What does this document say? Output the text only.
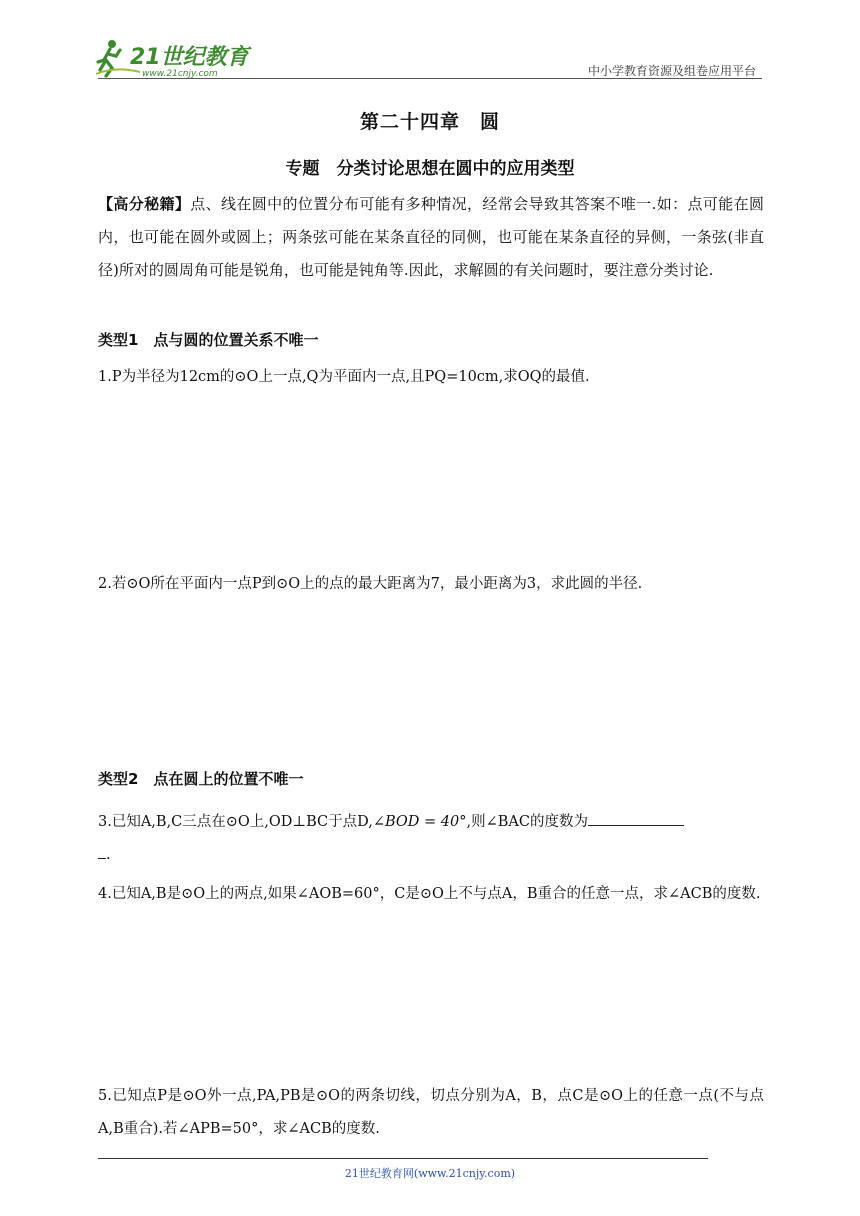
21世纪教育
www.21cnjy.com	中小学教育资源及组卷应用平台
第二十四章　圆
专题　分类讨论思想在圆中的应用类型
【高分秘籍】点、线在圆中的位置分布可能有多种情况，经常会导致其答案不唯一.如：点可能在圆内，也可能在圆外或圆上；两条弦可能在某条直径的同侧，也可能在某条直径的异侧，一条弦(非直径)所对的圆周角可能是锐角，也可能是钝角等.因此，求解圆的有关问题时，要注意分类讨论.
类型1　点与圆的位置关系不唯一
1.P为半径为12cm的⊙O上一点,Q为平面内一点,且PQ=10cm,求OQ的最值.
2.若⊙O所在平面内一点P到⊙O上的点的最大距离为7，最小距离为3，求此圆的半径.
类型2　点在圆上的位置不唯一
3.已知A,B,C三点在⊙O上,OD⊥BC于点D,∠BOD = 40°,则∠BAC的度数为
.
4.已知A,B是⊙O上的两点,如果∠AOB=60°，C是⊙O上不与点A，B重合的任意一点，求∠ACB的度数.
5.已知点P是⊙O外一点,PA,PB是⊙O的两条切线，切点分别为A，B，点C是⊙O上的任意一点(不与点A,B重合).若∠APB=50°，求∠ACB的度数.
21世纪教育网(www.21cnjy.com)
